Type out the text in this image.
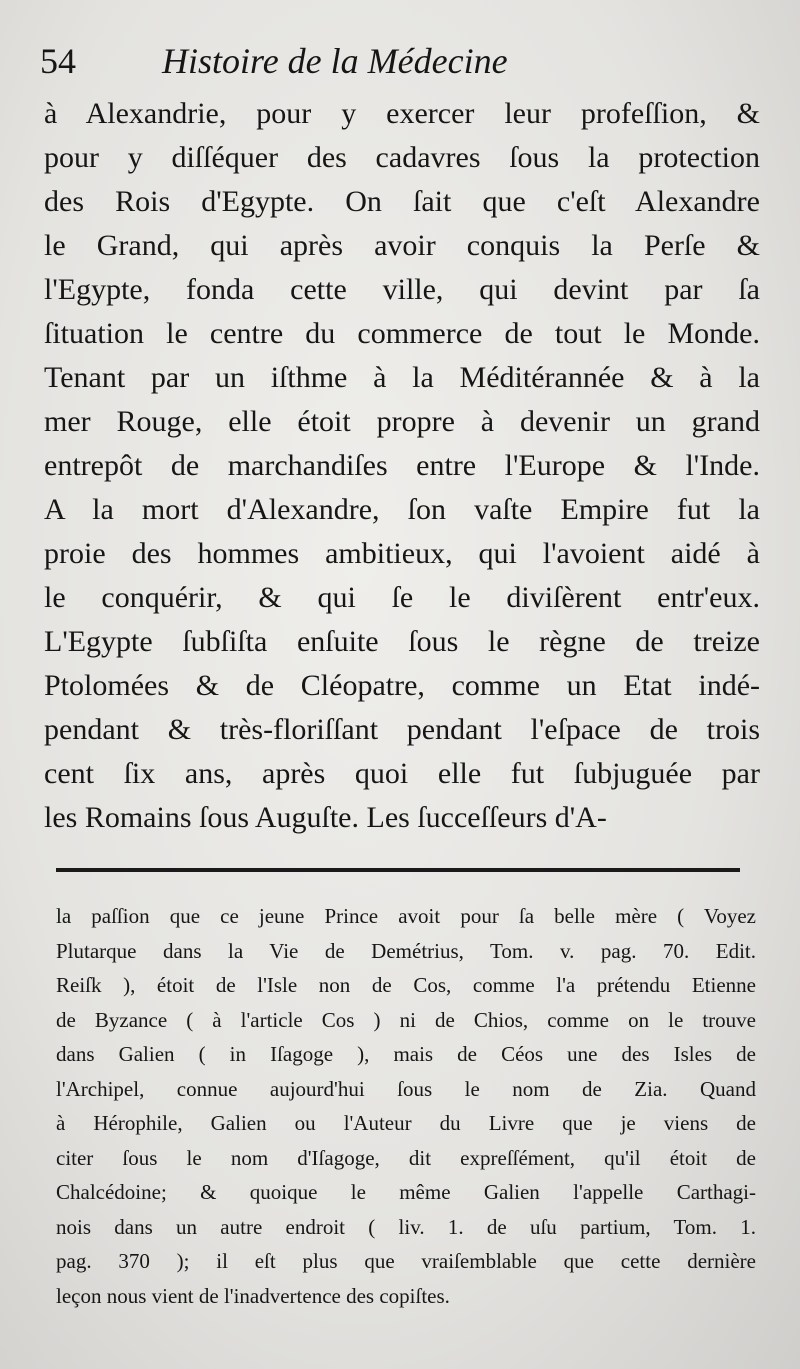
54 Histoire de la Médecine
à Alexandrie, pour y exercer leur profeſſion, &
pour y diſſéquer des cadavres ſous la protection
des Rois d'Egypte. On ſait que c'eſt Alexandre
le Grand, qui après avoir conquis la Perſe &
l'Egypte, fonda cette ville, qui devint par ſa
ſituation le centre du commerce de tout le Monde.
Tenant par un iſthme à la Méditérannée & à la
mer Rouge, elle étoit propre à devenir un grand
entrepôt de marchandiſes entre l'Europe & l'Inde.
A la mort d'Alexandre, ſon vaſte Empire fut la
proie des hommes ambitieux, qui l'avoient aidé à
le conquérir, & qui ſe le diviſèrent entr'eux.
L'Egypte ſubſiſta enſuite ſous le règne de treize
Ptolomées & de Cléopatre, comme un Etat indé-
pendant & très-floriſſant pendant l'eſpace de trois
cent ſix ans, après quoi elle fut ſubjuguée par
les Romains ſous Auguſte. Les ſucceſſeurs d'A-
la paſſion que ce jeune Prince avoit pour ſa belle mère ( Voyez
Plutarque dans la Vie de Demétrius, Tom. v. pag. 70. Edit.
Reiſk ), étoit de l'Isle non de Cos, comme l'a prétendu Etienne
de Byzance ( à l'article Cos ) ni de Chios, comme on le trouve
dans Galien ( in Iſagoge ), mais de Céos une des Isles de
l'Archipel, connue aujourd'hui ſous le nom de Zia. Quand
à Hérophile, Galien ou l'Auteur du Livre que je viens de
citer ſous le nom d'Iſagoge, dit expreſſément, qu'il étoit de
Chalcédoine; & quoique le même Galien l'appelle Carthagi-
nois dans un autre endroit ( liv. 1. de uſu partium, Tom. 1.
pag. 370 ); il eſt plus que vraiſemblable que cette dernière
leçon nous vient de l'inadvertence des copiſtes.
